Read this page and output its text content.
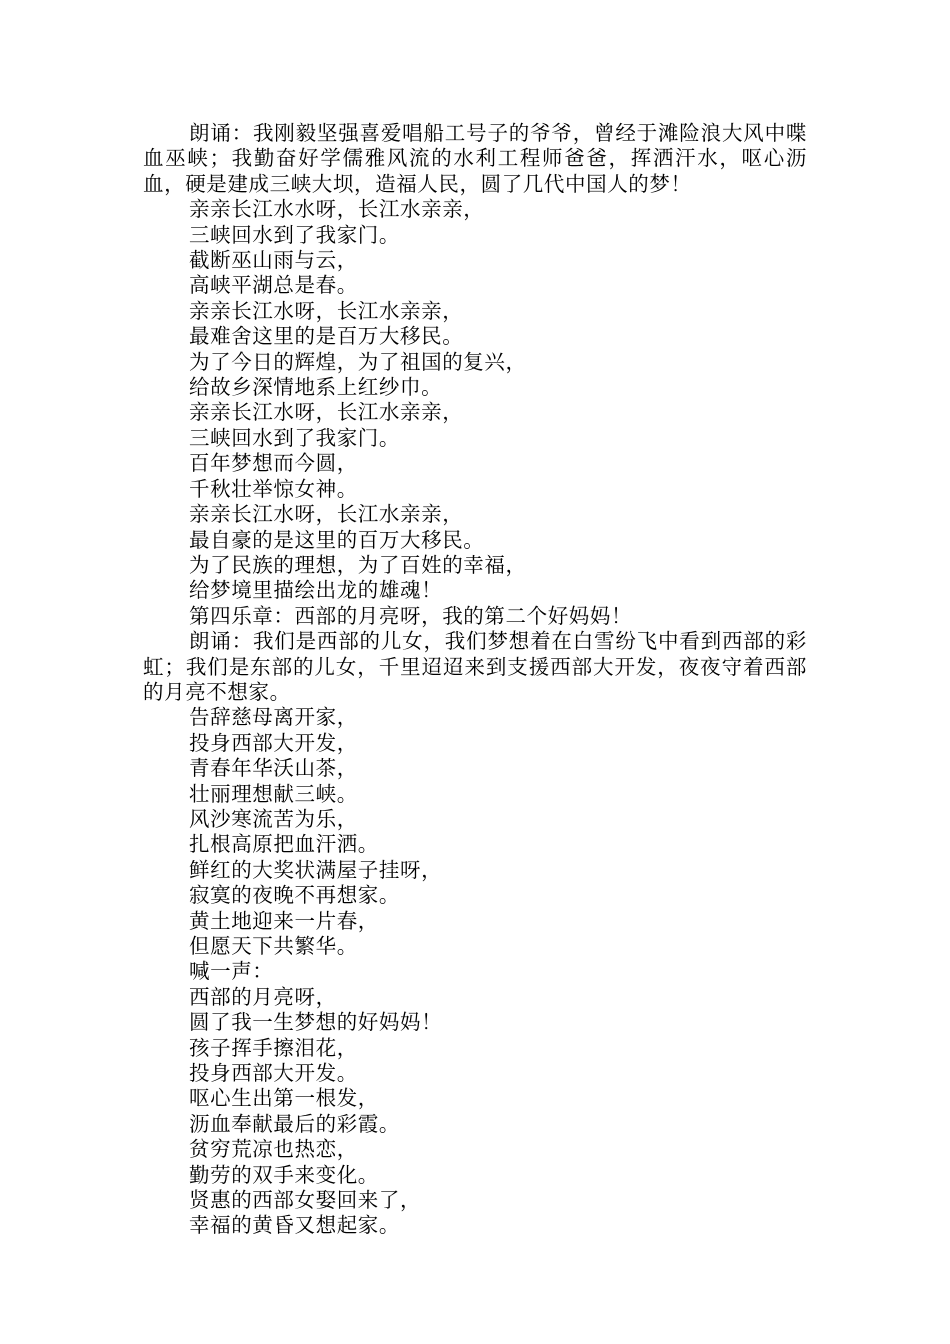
朗诵：我刚毅坚强喜爱唱船工号子的爷爷，曾经于滩险浪大风中喋血巫峡；我勤奋好学儒雅风流的水利工程师爸爸，挥洒汗水，呕心沥血，硬是建成三峡大坝，造福人民，圆了几代中国人的梦！

亲亲长江水水呀，长江水亲亲，

三峡回水到了我家门。

截断巫山雨与云，

高峡平湖总是春。

亲亲长江水呀，长江水亲亲，

最难舍这里的是百万大移民。

为了今日的辉煌，为了祖国的复兴，

给故乡深情地系上红纱巾。

亲亲长江水呀，长江水亲亲，

三峡回水到了我家门。

百年梦想而今圆，

千秋壮举惊女神。

亲亲长江水呀，长江水亲亲，

最自豪的是这里的百万大移民。

为了民族的理想，为了百姓的幸福，

给梦境里描绘出龙的雄魂！

第四乐章：西部的月亮呀，我的第二个好妈妈！

朗诵：我们是西部的儿女，我们梦想着在白雪纷飞中看到西部的彩虹；我们是东部的儿女，千里迢迢来到支援西部大开发，夜夜守着西部的月亮不想家。

告辞慈母离开家，

投身西部大开发，

青春年华沃山茶，

壮丽理想献三峡。

风沙寒流苦为乐，

扎根高原把血汗洒。

鲜红的大奖状满屋子挂呀，

寂寞的夜晚不再想家。

黄土地迎来一片春，

但愿天下共繁华。

喊一声：

西部的月亮呀，

圆了我一生梦想的好妈妈！

孩子挥手擦泪花，

投身西部大开发。

呕心生出第一根发，

沥血奉献最后的彩霞。

贫穷荒凉也热恋，

勤劳的双手来变化。

贤惠的西部女娶回来了，

幸福的黄昏又想起家。
